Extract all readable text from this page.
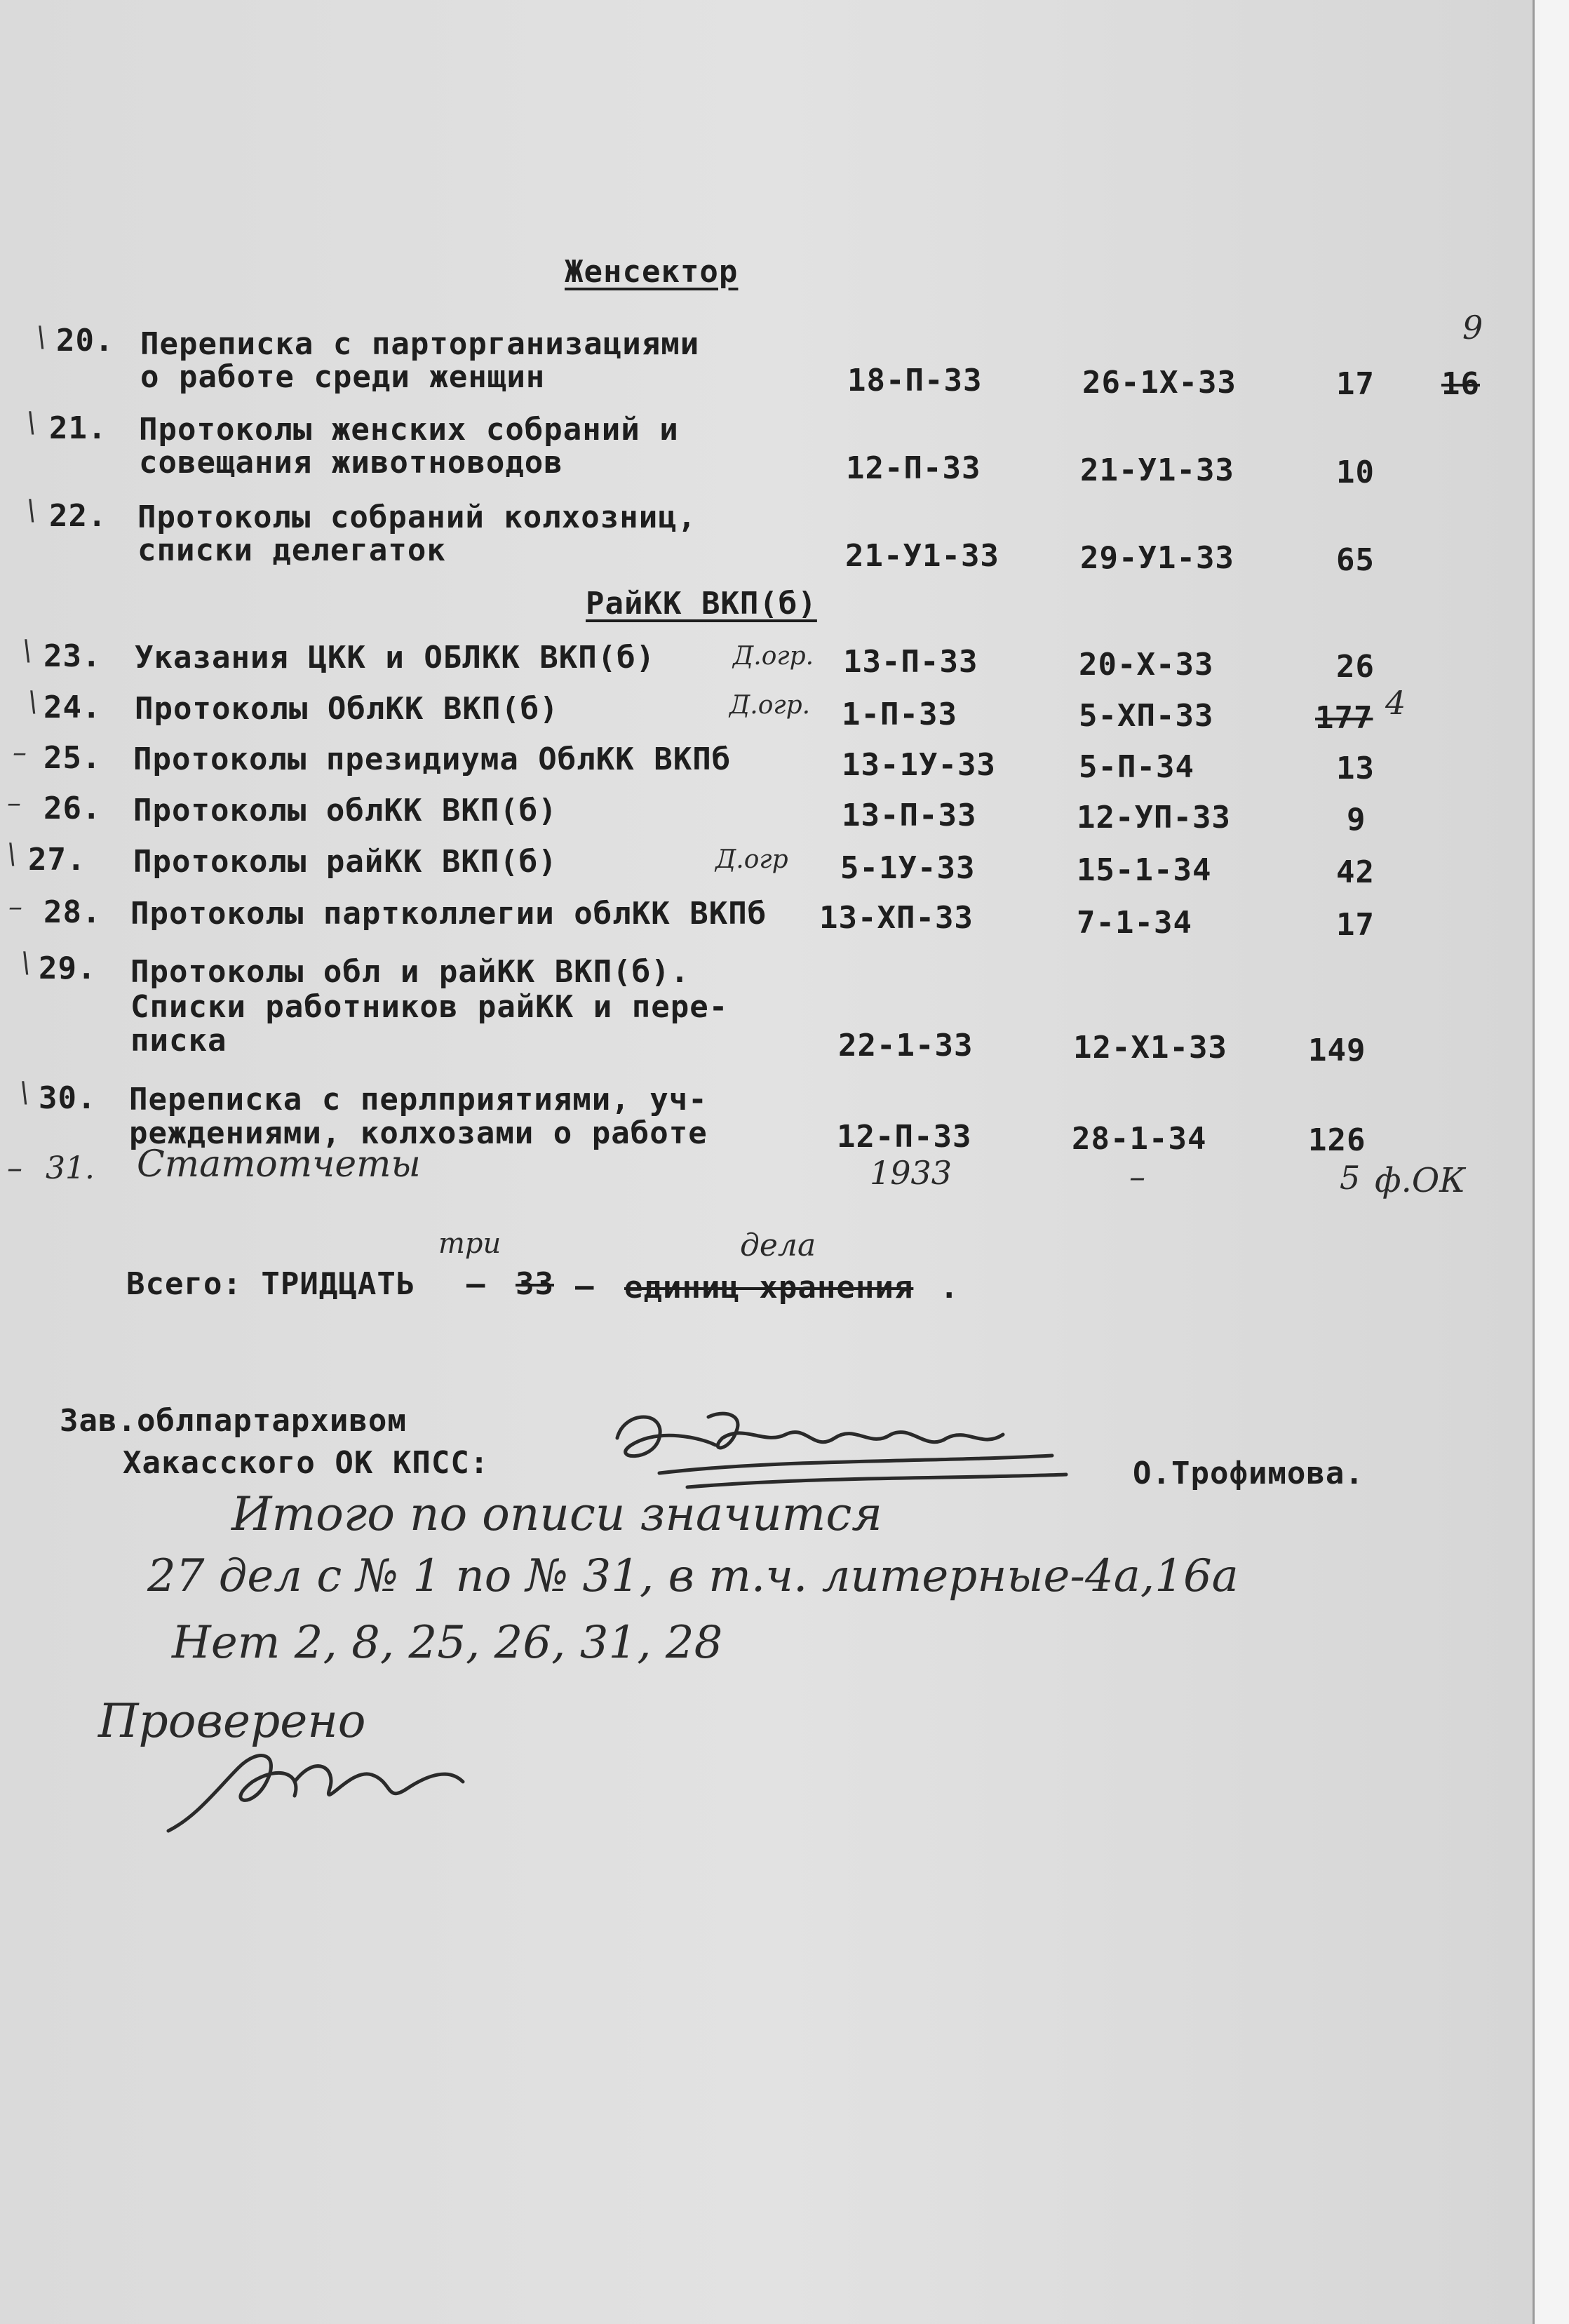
Женсектор
\ 20. Переписка с парторганизациями
о работе среди женщин	18-П-33	26-1Х-33	17 16
9
\ 21. Протоколы женских собраний и
совещания животноводов	12-П-33	21-У1-33	10
\ 22. Протоколы собраний колхозниц,
списки делегаток	21-У1-33	29-У1-33	65
РайКК ВКП(б)
\ 23. Указания ЦКК и ОБЛКК ВКП(б)	Д.огр. 13-П-33	20-Х-33	26
\ 24. Протоколы ОблКК ВКП(б)	Д.огр. 1-П-33	5-ХП-33	177 4
– 25. Протоколы президиума ОблКК ВКПб	13-1У-33	5-П-34	13
– 26. Протоколы облКК ВКП(б)	13-П-33	12-УП-33	9
\ 27. Протоколы райКК ВКП(б)	Д.огр 5-1У-33	15-1-34	42
– 28. Протоколы партколлегии облКК ВКПб 13-ХП-33	7-1-34	17
\ 29. Протоколы обл и райКК ВКП(б).
Списки работников райКК и пере-
писка	22-1-33	12-Х1-33	149
\ 30. Переписка с перлприятиями, уч-
реждениями, колхозами о работе	12-П-33	28-1-34	126
– 31. Статотчеты	1933	–	5 ф.ОК
Всего: ТРИДЦАТЬ – 33
три
– единиц хранения
дела
.
Зав.облпартархивом
Хакасского ОК КПСС:	О.Трофимова.
Итого по описи значится
27 дел с № 1 по № 31, в т.ч. литерные-4а,16а
Нет 2, 8, 25, 26, 31, 28
Проверено
